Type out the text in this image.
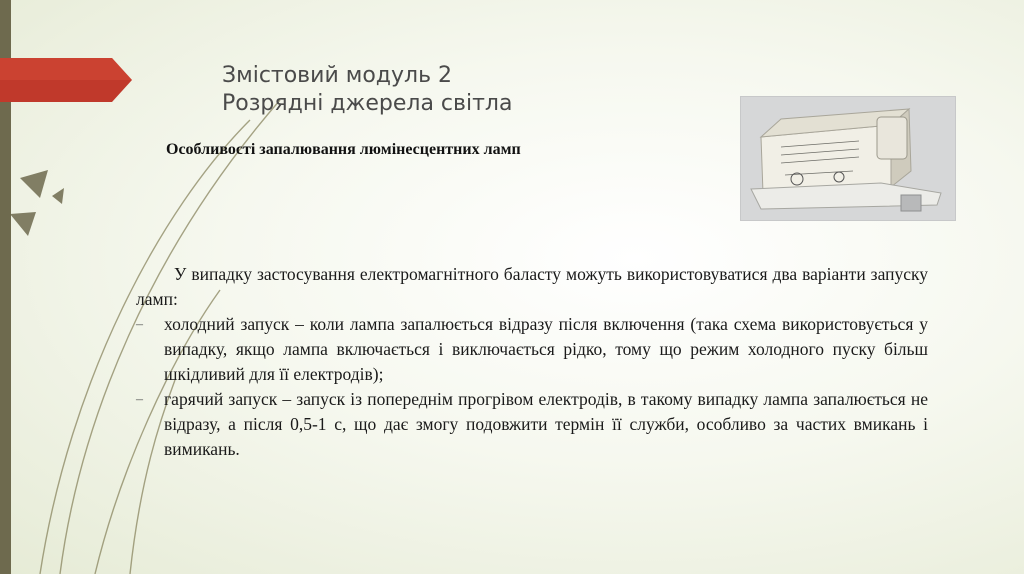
Змістовий модуль 2
Розрядні джерела світла
Особливості запалювання люмінесцентних ламп

У випадку застосування електромагнітного баласту можуть використовуватися два варіанти запуску ламп:

– холодний запуск – коли лампа запалюється відразу після включення (така схема використовується у випадку, якщо лампа включається і виключається рідко, тому що режим холодного пуску більш шкідливий для її електродів);
– гарячий запуск – запуск із попереднім прогрівом електродів, в такому випадку лампа запалюється не відразу, а після 0,5-1 с, що дає змогу подовжити термін її служби, особливо за частих вмикань і вимикань.
